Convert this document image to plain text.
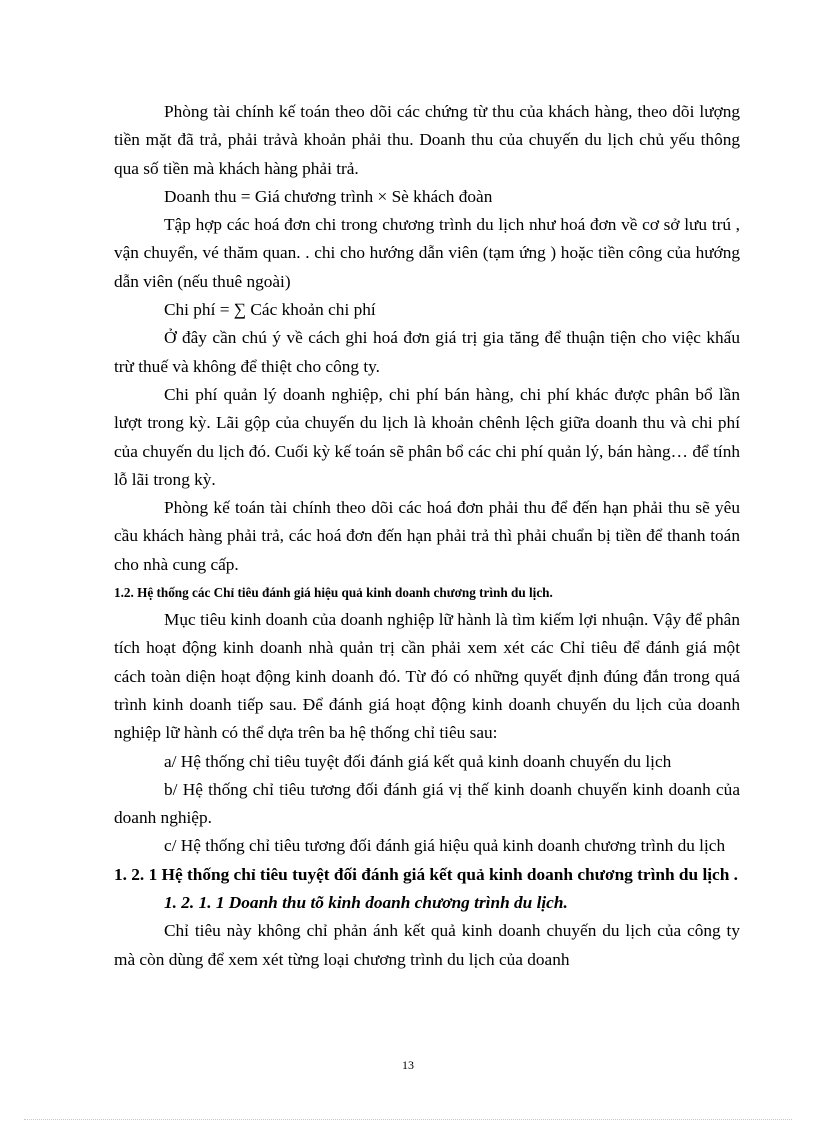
Phòng tài chính kế toán theo dõi các chứng từ thu của khách hàng, theo dõi lượng tiền mặt đã trả, phải trảvà khoản phải thu. Doanh thu của chuyến du lịch chủ yếu thông qua số tiền mà khách hàng phải trả.

Doanh thu = Giá chương trình × Sè khách đoàn

Tập hợp các hoá đơn chi trong chương trình du lịch như hoá đơn về cơ sở lưu trú , vận chuyển, vé thăm quan. . chi cho hướng dẫn viên (tạm ứng ) hoặc tiền công của hướng dẫn viên (nếu thuê ngoài)

Chi phí = ∑ Các khoản chi phí

Ở đây cần chú ý về cách ghi hoá đơn giá trị gia tăng để thuận tiện cho việc khấu trừ thuế và không để thiệt cho công ty.

Chi phí quản lý doanh nghiệp, chi phí bán hàng, chi phí khác được phân bổ lần lượt trong kỳ. Lãi gộp của chuyến du lịch là khoản chênh lệch giữa doanh thu và chi phí của chuyến du lịch đó. Cuối kỳ kế toán sẽ phân bổ các chi phí quản lý, bán hàng… để tính lỗ lãi trong kỳ.

Phòng kế toán tài chính theo dõi các hoá đơn phải thu để đến hạn phải thu sẽ yêu cầu khách hàng phải trả, các hoá đơn đến hạn phải trả thì phải chuẩn bị tiền để thanh toán cho nhà cung cấp.

1.2. Hệ thống các Chỉ tiêu đánh giá hiệu quả kinh doanh chương trình du lịch.

Mục tiêu kinh doanh của doanh nghiệp lữ hành là tìm kiếm lợi nhuận. Vậy để phân tích hoạt động kinh doanh nhà quản trị cần phải xem xét các Chỉ tiêu để đánh giá một cách toàn diện hoạt động kinh doanh đó. Từ đó có những quyết định đúng đắn trong quá trình kinh doanh tiếp sau. Để đánh giá hoạt động kinh doanh chuyến du lịch của doanh nghiệp lữ hành có thể dựa trên ba hệ thống chỉ tiêu sau:

a/ Hệ thống chỉ tiêu tuyệt đối đánh giá kết quả kinh doanh chuyến du lịch

b/ Hệ thống chỉ tiêu tương đối đánh giá vị thế kinh doanh chuyến kinh doanh của doanh nghiệp.

c/ Hệ thống chỉ tiêu tương đối đánh giá hiệu quả kinh doanh chương trình du lịch

1. 2. 1 Hệ thống chỉ tiêu tuyệt đối đánh giá kết quả kinh doanh chương trình du lịch .

1. 2. 1. 1 Doanh thu tõ kinh doanh chương trình du lịch.

Chỉ tiêu này không chỉ phản ánh kết quả kinh doanh chuyến du lịch của công ty mà còn dùng để xem xét từng loại chương trình du lịch của doanh

13
